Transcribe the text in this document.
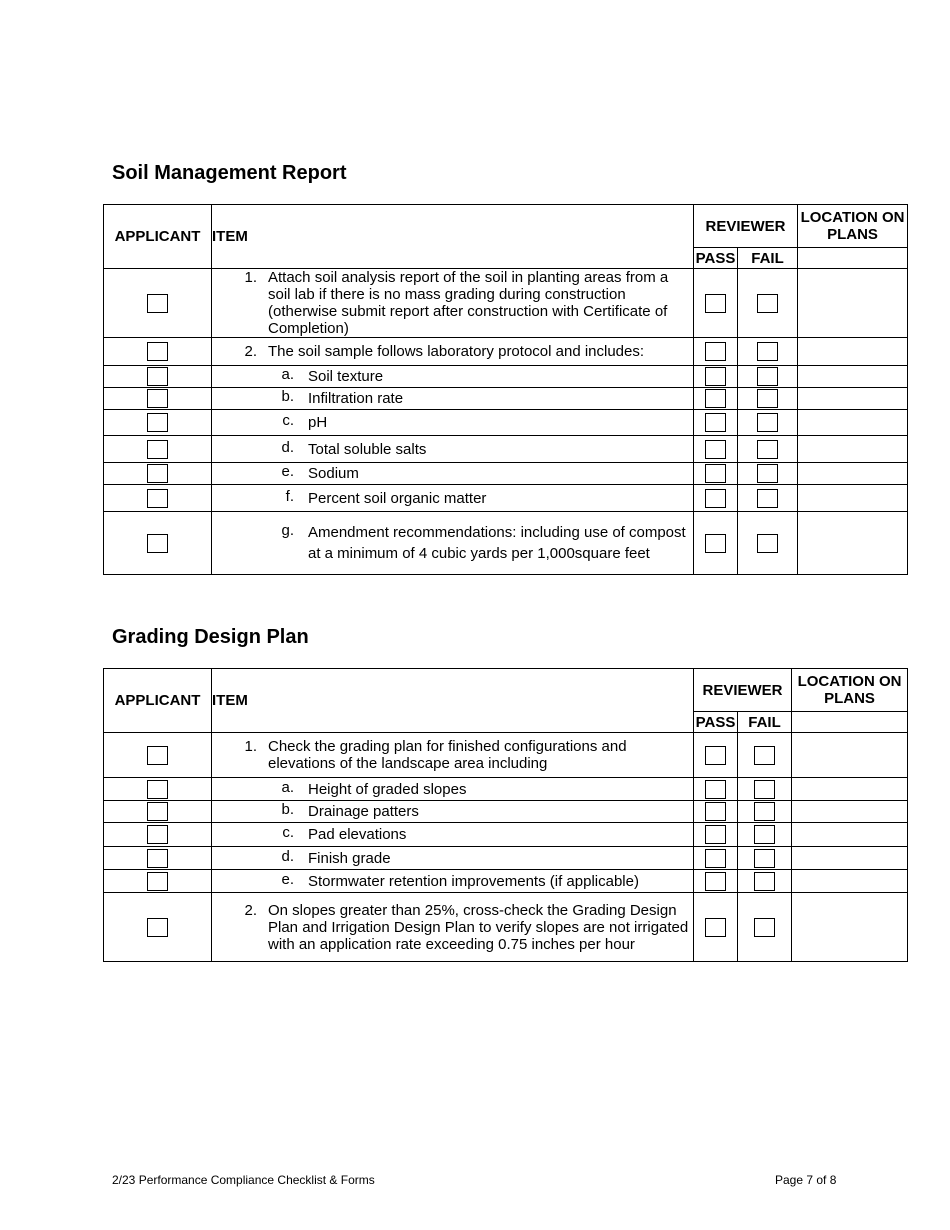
Soil Management Report
APPLICANT	ITEM	REVIEWER		LOCATION ON PLANS
		PASS	FAIL	

	1. Attach soil analysis report of the soil in planting areas from a soil lab if there is no mass grading during construction (otherwise submit report after construction with Certificate of Completion)			

	2. The soil sample follows laboratory protocol and includes:			

	a. Soil texture			

	b. Infiltration rate			

	c. pH			

	d. Total soluble salts			

	e. Sodium			

	f. Percent soil organic matter			

	g. Amendment recommendations: including use of compost at a minimum of 4 cubic yards per 1,000square feet			

Grading Design Plan
APPLICANT	ITEM	REVIEWER		LOCATION ON PLANS
		PASS	FAIL	

	1. Check the grading plan for finished configurations and elevations of the landscape area including			

	a. Height of graded slopes			

	b. Drainage patters			

	c. Pad elevations			

	d. Finish grade			

	e. Stormwater retention improvements (if applicable)			

	2. On slopes greater than 25%, cross-check the Grading Design Plan and Irrigation Design Plan to verify slopes are not irrigated with an application rate exceeding 0.75 inches per hour			

2/23 Performance Compliance Checklist & Forms	Page 7 of 8
